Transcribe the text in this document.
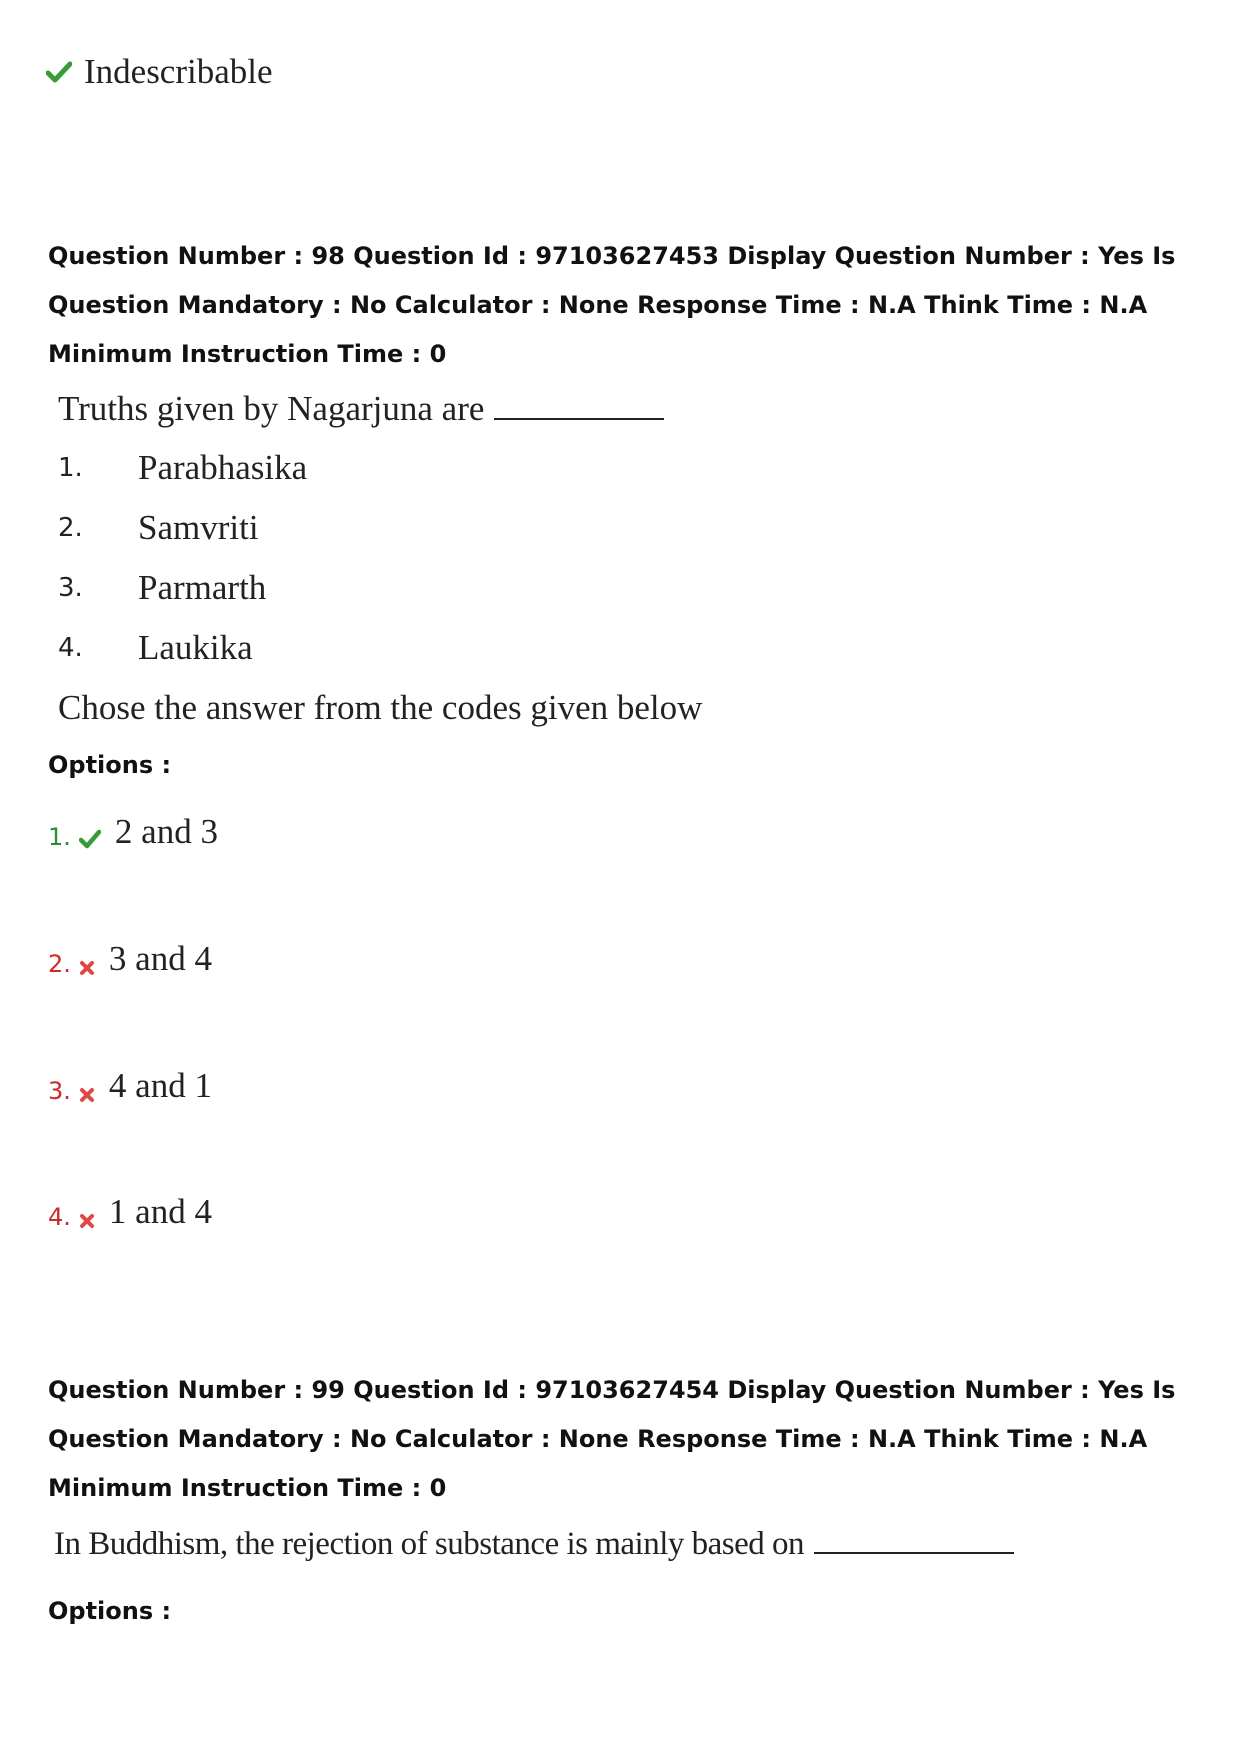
Indescribable
Question Number : 98 Question Id : 97103627453 Display Question Number : Yes Is Question Mandatory : No Calculator : None Response Time : N.A Think Time : N.A Minimum Instruction Time : 0
Truths given by Nagarjuna are
1.	Parabhasika
2.	Samvriti
3.	Parmarth
4.	Laukika
Chose the answer from the codes given below
Options :
1. 2 and 3
2. 3 and 4
3. 4 and 1
4. 1 and 4
Question Number : 99 Question Id : 97103627454 Display Question Number : Yes Is Question Mandatory : No Calculator : None Response Time : N.A Think Time : N.A Minimum Instruction Time : 0
In Buddhism, the rejection of substance is mainly based on
Options :
